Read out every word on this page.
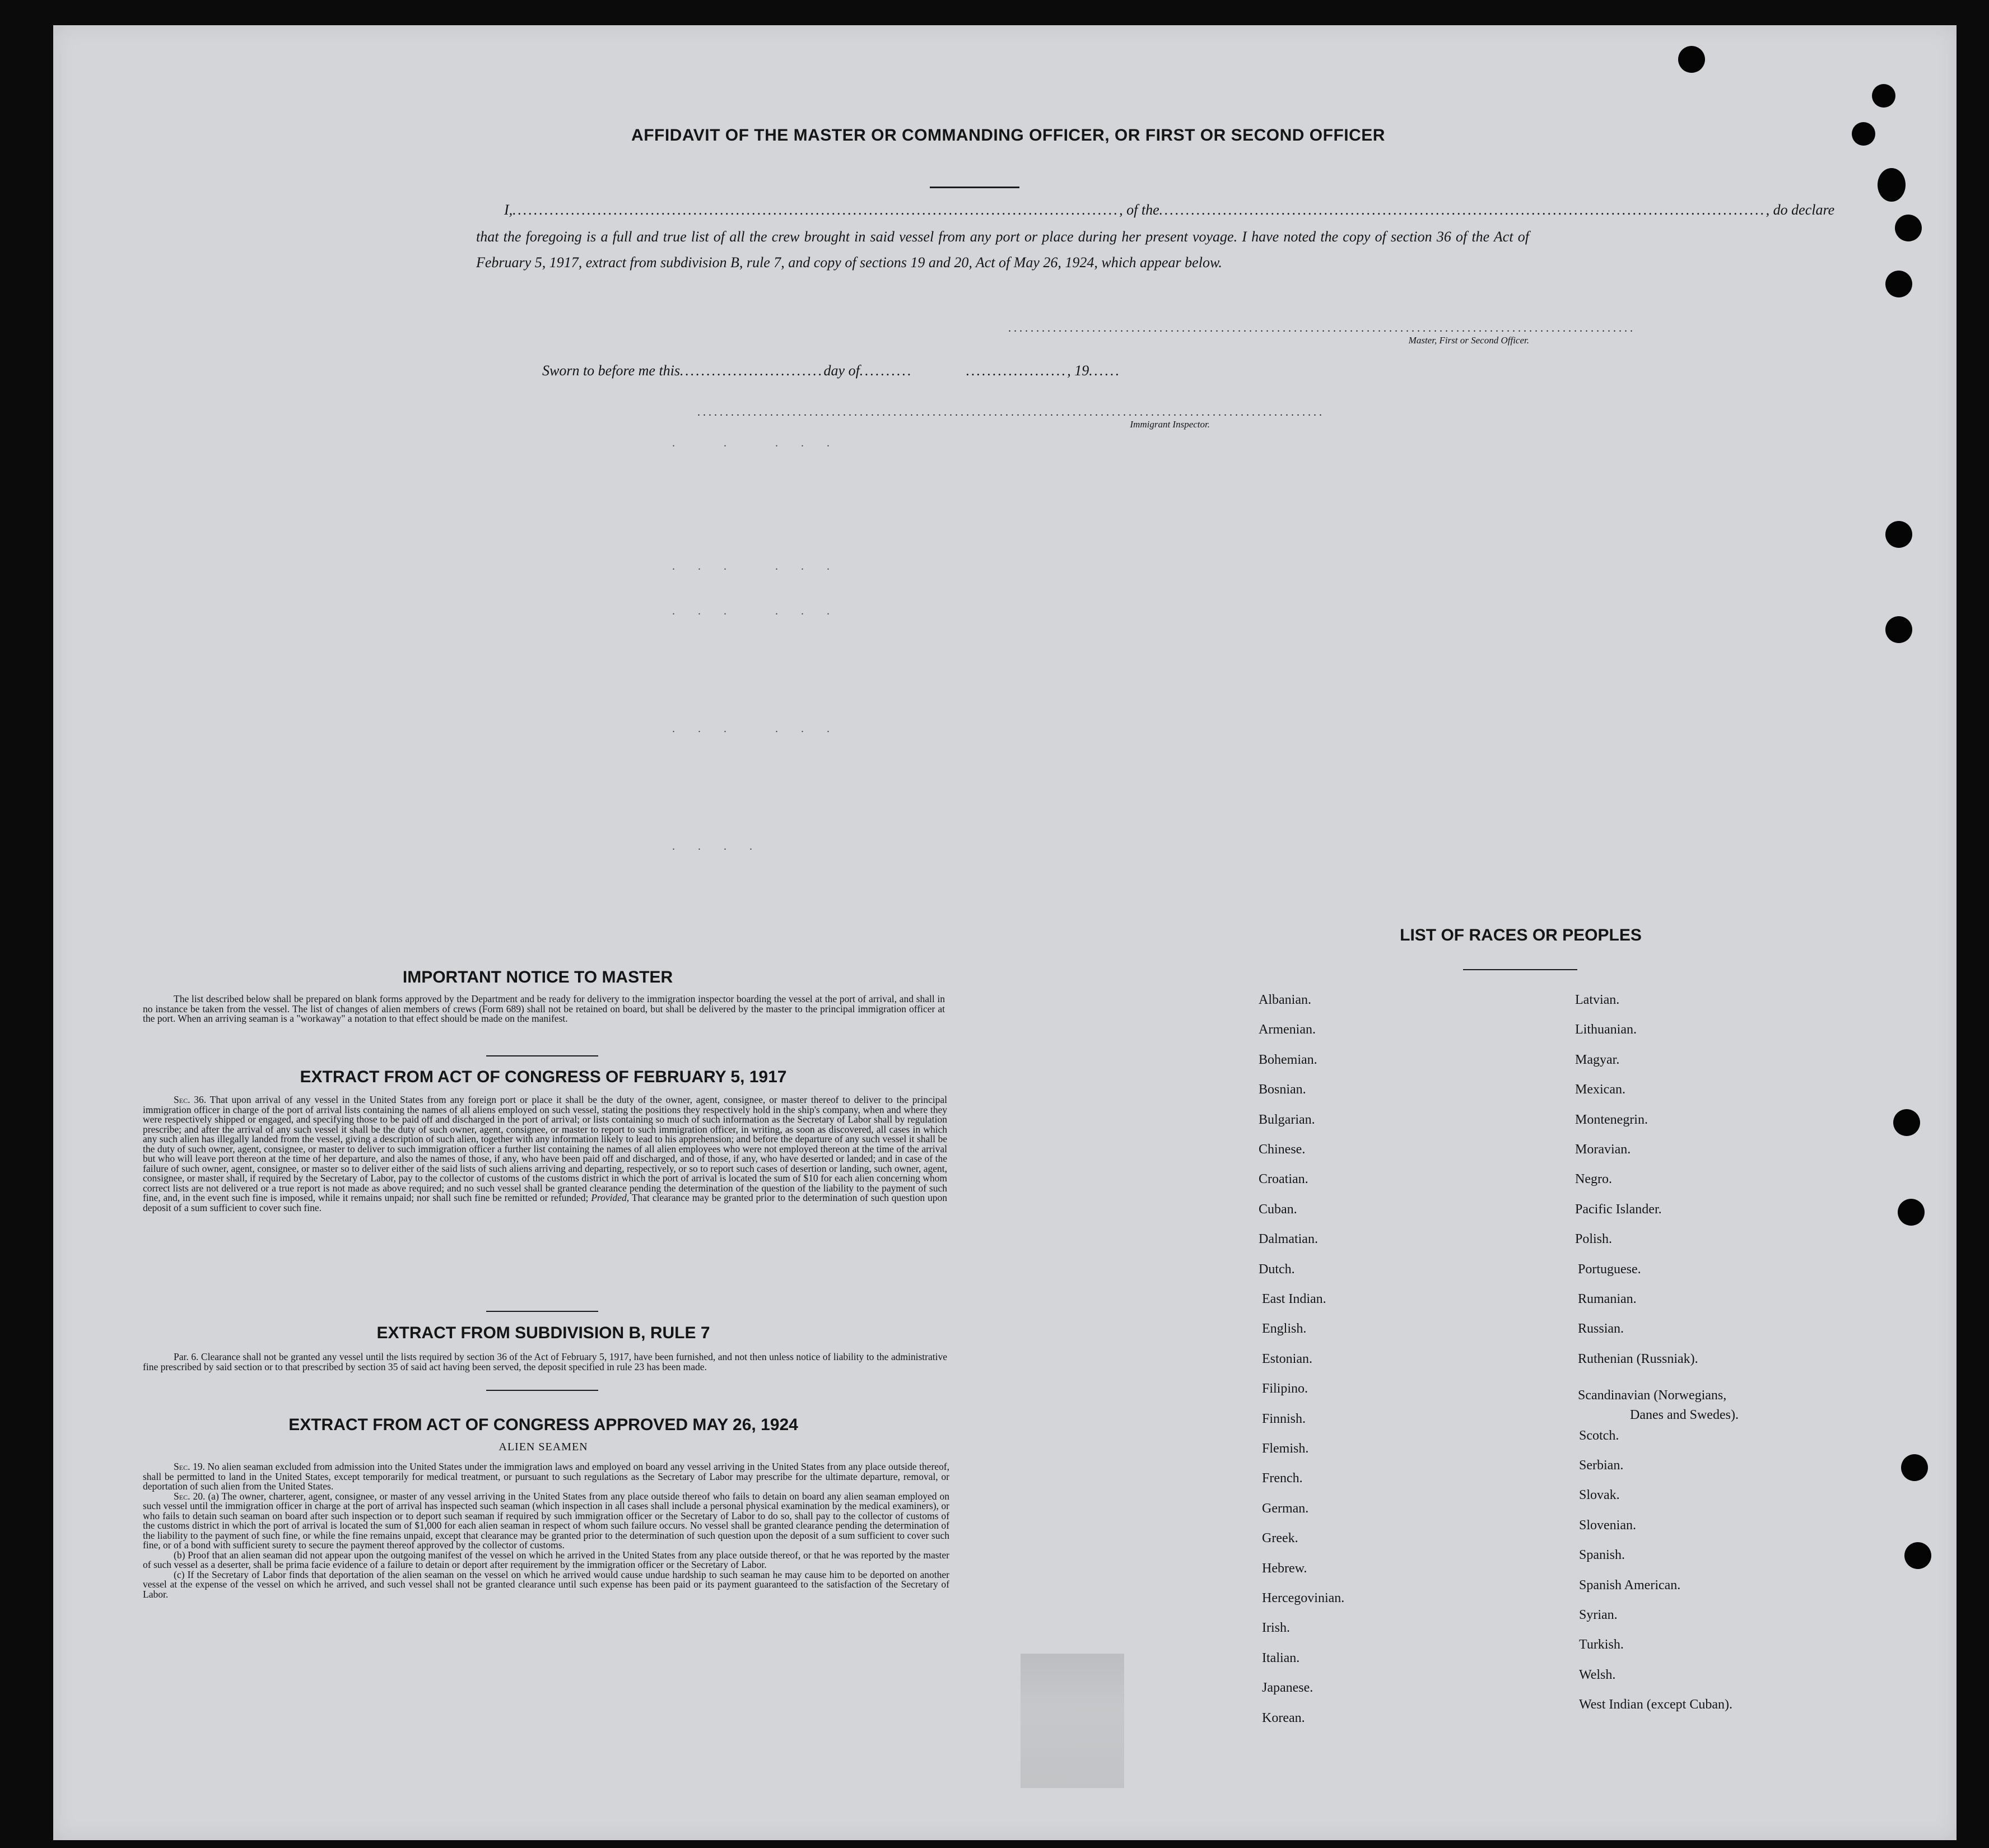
AFFIDAVIT OF THE MASTER OR COMMANDING OFFICER, OR FIRST OR SECOND OFFICER
I, .................................................................................................................. , of the .................................................................................................................. , do declare
that the foregoing is a full and true list of all the crew brought in said vessel from any port or place during her present voyage. I have noted the copy of section 36 of the Act of February 5, 1917, extract from subdivision B, rule 7, and copy of sections 19 and 20, Act of May 26, 1924, which appear below.
................................................................................................................
Master, First or Second Officer.
Sworn to before me this...........................day of..........          ..................., 19......
................................................................................................................
Immigrant Inspector.
.   .   . . .
. . .   . . .
. . .   . . .
. . .   . . .
. . . .
IMPORTANT NOTICE TO MASTER

The list described below shall be prepared on blank forms approved by the Department and be ready for delivery to the immigration inspector boarding the vessel at the port of arrival, and shall in no instance be taken from the vessel. The list of changes of alien members of crews (Form 689) shall not be retained on board, but shall be delivered by the master to the principal immigration officer at the port. When an arriving seaman is a "workaway" a notation to that effect should be made on the manifest.

EXTRACT FROM ACT OF CONGRESS OF FEBRUARY 5, 1917

Sec. 36. That upon arrival of any vessel in the United States from any foreign port or place it shall be the duty of the owner, agent, consignee, or master thereof to deliver to the principal immigration officer in charge of the port of arrival lists containing the names of all aliens employed on such vessel, stating the positions they respectively hold in the ship's company, when and where they were respectively shipped or engaged, and specifying those to be paid off and discharged in the port of arrival; or lists containing so much of such information as the Secretary of Labor shall by regulation prescribe; and after the arrival of any such vessel it shall be the duty of such owner, agent, consignee, or master to report to such immigration officer, in writing, as soon as discovered, all cases in which any such alien has illegally landed from the vessel, giving a description of such alien, together with any information likely to lead to his apprehension; and before the departure of any such vessel it shall be the duty of such owner, agent, consignee, or master to deliver to such immigration officer a further list containing the names of all alien employees who were not employed thereon at the time of the arrival but who will leave port thereon at the time of her departure, and also the names of those, if any, who have been paid off and discharged, and of those, if any, who have deserted or landed; and in case of the failure of such owner, agent, consignee, or master so to deliver either of the said lists of such aliens arriving and departing, respectively, or so to report such cases of desertion or landing, such owner, agent, consignee, or master shall, if required by the Secretary of Labor, pay to the collector of customs of the customs district in which the port of arrival is located the sum of $10 for each alien concerning whom correct lists are not delivered or a true report is not made as above required; and no such vessel shall be granted clearance pending the determination of the question of the liability to the payment of such fine, and, in the event such fine is imposed, while it remains unpaid; nor shall such fine be remitted or refunded; Provided, That clearance may be granted prior to the determination of such question upon deposit of a sum sufficient to cover such fine.

EXTRACT FROM SUBDIVISION B, RULE 7

Par. 6. Clearance shall not be granted any vessel until the lists required by section 36 of the Act of February 5, 1917, have been furnished, and not then unless notice of liability to the administrative fine prescribed by said section or to that prescribed by section 35 of said act having been served, the deposit specified in rule 23 has been made.

EXTRACT FROM ACT OF CONGRESS APPROVED MAY 26, 1924
ALIEN SEAMEN

Sec. 19. No alien seaman excluded from admission into the United States under the immigration laws and employed on board any vessel arriving in the United States from any place outside thereof, shall be permitted to land in the United States, except temporarily for medical treatment, or pursuant to such regulations as the Secretary of Labor may prescribe for the ultimate departure, removal, or deportation of such alien from the United States.

Sec. 20. (a) The owner, charterer, agent, consignee, or master of any vessel arriving in the United States from any place outside thereof who fails to detain on board any alien seaman employed on such vessel until the immigration officer in charge at the port of arrival has inspected such seaman (which inspection in all cases shall include a personal physical examination by the medical examiners), or who fails to detain such seaman on board after such inspection or to deport such seaman if required by such immigration officer or the Secretary of Labor to do so, shall pay to the collector of customs of the customs district in which the port of arrival is located the sum of $1,000 for each alien seaman in respect of whom such failure occurs. No vessel shall be granted clearance pending the determination of the liability to the payment of such fine, or while the fine remains unpaid, except that clearance may be granted prior to the determination of such question upon the deposit of a sum sufficient to cover such fine, or of a bond with sufficient surety to secure the payment thereof approved by the collector of customs.

(b) Proof that an alien seaman did not appear upon the outgoing manifest of the vessel on which he arrived in the United States from any place outside thereof, or that he was reported by the master of such vessel as a deserter, shall be prima facie evidence of a failure to detain or deport after requirement by the immigration officer or the Secretary of Labor.

(c) If the Secretary of Labor finds that deportation of the alien seaman on the vessel on which he arrived would cause undue hardship to such seaman he may cause him to be deported on another vessel at the expense of the vessel on which he arrived, and such vessel shall not be granted clearance until such expense has been paid or its payment guaranteed to the satisfaction of the Secretary of Labor.

LIST OF RACES OR PEOPLES
Albanian.
Armenian.
Bohemian.
Bosnian.
Bulgarian.
Chinese.
Croatian.
Cuban.
Dalmatian.
Dutch.
East Indian.
English.
Estonian.
Filipino.
Finnish.
Flemish.
French.
German.
Greek.
Hebrew.
Hercegovinian.
Irish.
Italian.
Japanese.
Korean.
Latvian.
Lithuanian.
Magyar.
Mexican.
Montenegrin.
Moravian.
Negro.
Pacific Islander.
Polish.
Portuguese.
Rumanian.
Russian.
Ruthenian (Russniak).
Scandinavian (Norwegians,
Danes and Swedes).
Scotch.
Serbian.
Slovak.
Slovenian.
Spanish.
Spanish American.
Syrian.
Turkish.
Welsh.
West Indian (except Cuban).
